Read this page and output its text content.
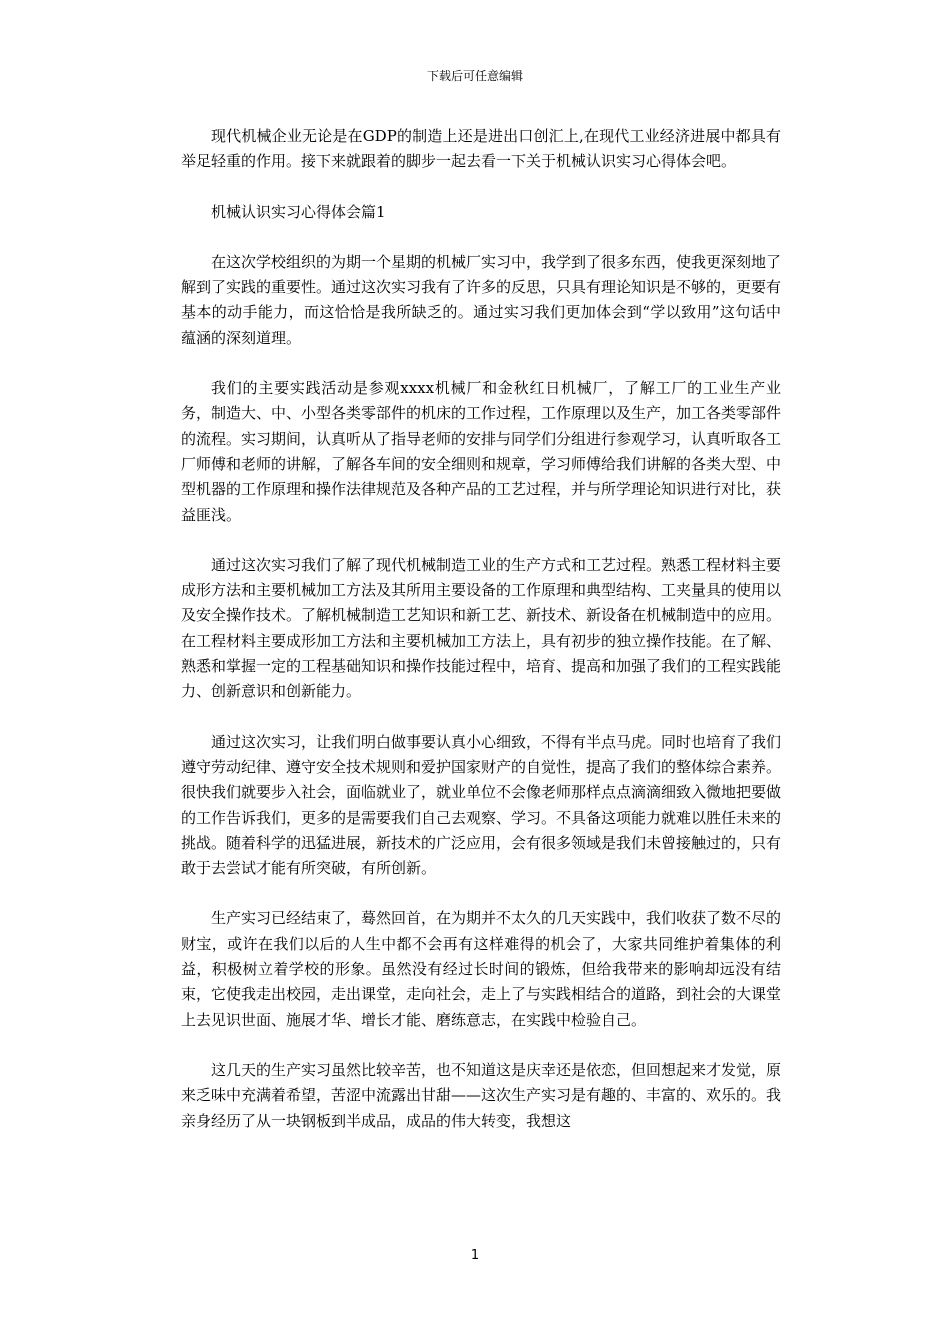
下载后可任意编辑

现代机械企业无论是在GDP的制造上还是进出口创汇上,在现代工业经济进展中都具有举足轻重的作用。接下来就跟着的脚步一起去看一下关于机械认识实习心得体会吧。

机械认识实习心得体会篇1

在这次学校组织的为期一个星期的机械厂实习中，我学到了很多东西，使我更深刻地了解到了实践的重要性。通过这次实习我有了许多的反思，只具有理论知识是不够的，更要有基本的动手能力，而这恰恰是我所缺乏的。通过实习我们更加体会到“学以致用”这句话中蕴涵的深刻道理。

我们的主要实践活动是参观xxxx机械厂和金秋红日机械厂，了解工厂的工业生产业务，制造大、中、小型各类零部件的机床的工作过程，工作原理以及生产，加工各类零部件的流程。实习期间，认真听从了指导老师的安排与同学们分组进行参观学习，认真听取各工厂师傅和老师的讲解，了解各车间的安全细则和规章，学习师傅给我们讲解的各类大型、中型机器的工作原理和操作法律规范及各种产品的工艺过程，并与所学理论知识进行对比，获益匪浅。

通过这次实习我们了解了现代机械制造工业的生产方式和工艺过程。熟悉工程材料主要成形方法和主要机械加工方法及其所用主要设备的工作原理和典型结构、工夹量具的使用以及安全操作技术。了解机械制造工艺知识和新工艺、新技术、新设备在机械制造中的应用。在工程材料主要成形加工方法和主要机械加工方法上，具有初步的独立操作技能。在了解、熟悉和掌握一定的工程基础知识和操作技能过程中，培育、提高和加强了我们的工程实践能力、创新意识和创新能力。

通过这次实习，让我们明白做事要认真小心细致，不得有半点马虎。同时也培育了我们遵守劳动纪律、遵守安全技术规则和爱护国家财产的自觉性，提高了我们的整体综合素养。很快我们就要步入社会，面临就业了，就业单位不会像老师那样点点滴滴细致入微地把要做的工作告诉我们，更多的是需要我们自己去观察、学习。不具备这项能力就难以胜任未来的挑战。随着科学的迅猛进展，新技术的广泛应用，会有很多领域是我们未曾接触过的，只有敢于去尝试才能有所突破，有所创新。

生产实习已经结束了，蓦然回首，在为期并不太久的几天实践中，我们收获了数不尽的财宝，或许在我们以后的人生中都不会再有这样难得的机会了，大家共同维护着集体的利益，积极树立着学校的形象。虽然没有经过长时间的锻炼，但给我带来的影响却远没有结束，它使我走出校园，走出课堂，走向社会，走上了与实践相结合的道路，到社会的大课堂上去见识世面、施展才华、增长才能、磨练意志，在实践中检验自己。

这几天的生产实习虽然比较辛苦，也不知道这是庆幸还是依恋，但回想起来才发觉，原来乏味中充满着希望，苦涩中流露出甘甜——这次生产实习是有趣的、丰富的、欢乐的。我亲身经历了从一块钢板到半成品，成品的伟大转变，我想这

1
